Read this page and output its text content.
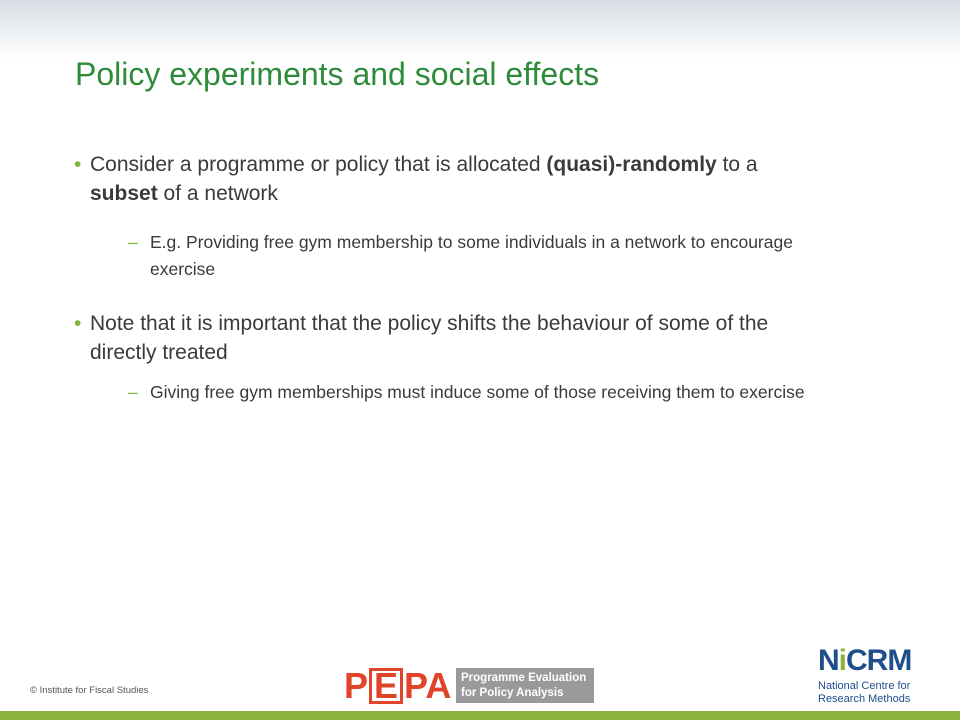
Policy experiments and social effects
• Consider a programme or policy that is allocated (quasi)-randomly to a subset of a network
– E.g. Providing free gym membership to some individuals in a network to encourage exercise
• Note that it is important that the policy shifts the behaviour of some of the directly treated
– Giving free gym memberships must induce some of those receiving them to exercise
© Institute for Fiscal Studies	P E PA Programme Evaluation
for Policy Analysis
NiCRM
National Centre for
Research Methods
